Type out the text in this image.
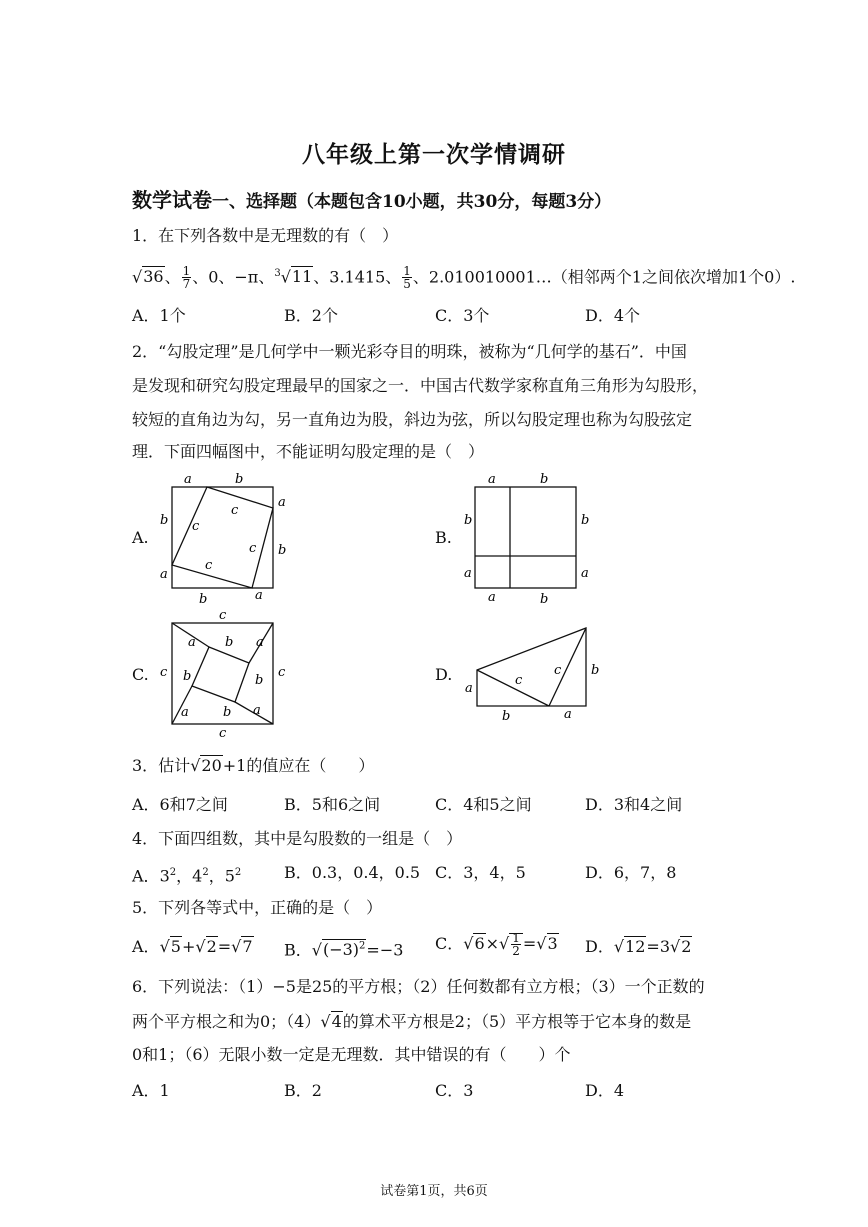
八年级上第一次学情调研
数学试卷一、选择题（本题包含10小题，共30分，每题3分）
1．在下列各数中是无理数的有（　）
√36、 $\frac{1}{7}$ 、0、−π、$^3$√11、3.1415、 $\frac{1}{5}$ 、2.010010001…（相邻两个1之间依次增加1个0）.
A．1个	B．2个	C．3个	D．4个
2．“勾股定理”是几何学中一颗光彩夺目的明珠，被称为“几何学的基石”．中国
是发现和研究勾股定理最早的国家之一．中国古代数学家称直角三角形为勾股形，
较短的直角边为勾，另一直角边为股，斜边为弦，所以勾股定理也称为勾股弦定
理．下面四幅图中，不能证明勾股定理的是（　）
A.	B.
C.	D.
a	b
a
b
b
a
b	a
c
c
c
c
a	b
b
a
b
a
a	b
c
c	c
c
a b a
b
b
a	b a
a
c
c b
b	a
3．估计√20+1的值应在（　　）
A．6和7之间	B．5和6之间	C．4和5之间	D．3和4之间
4．下面四组数，其中是勾股数的一组是（　）
A．$3^2$，$4^2$，$5^2$	B．0.3，0.4，0.5 C．3，4，5	D．6，7，8
5．下列各等式中，正确的是（　）
A．√5+√2=√7 B．$√(-3)^2=-3$ C．$√6\times√ \frac{1}{2} =√3$ D．√12=3√2
6．下列说法：（1）−5是25的平方根；（2）任何数都有立方根；（3）一个正数的
两个平方根之和为0；（4）√4的算术平方根是2；（5）平方根等于它本身的数是
0和1；（6）无限小数一定是无理数．其中错误的有（　　）个
A．1	B．2	C．3	D．4
试卷第1页，共6页
